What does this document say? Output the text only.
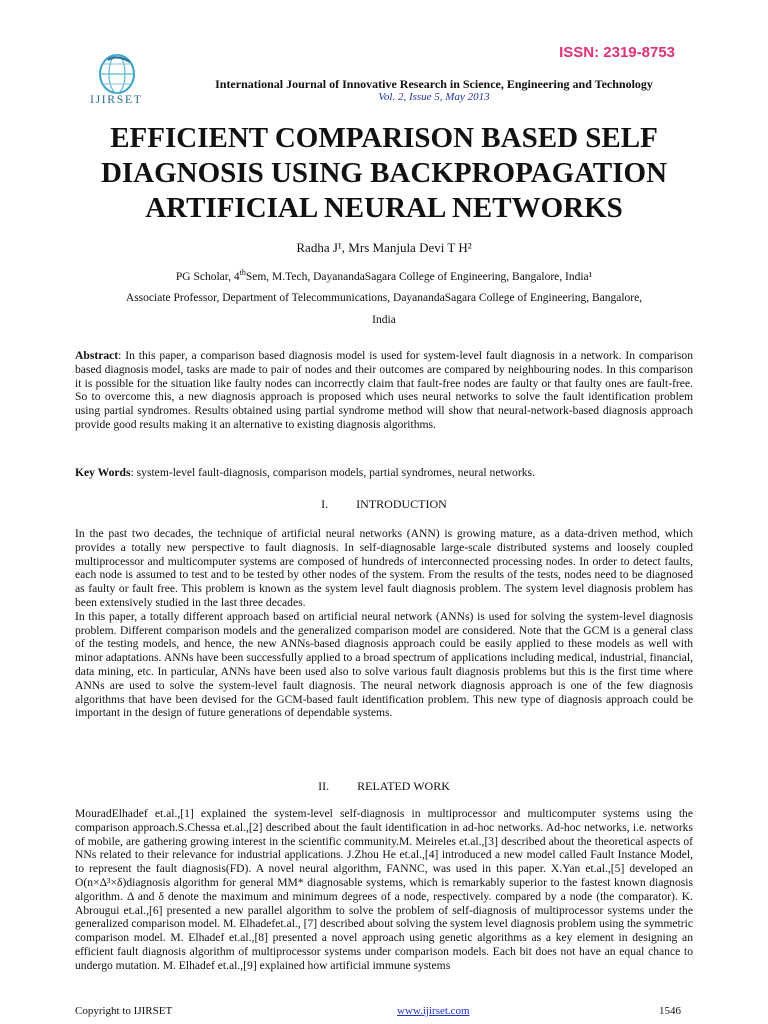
ISSN: 2319-8753
IJIRSET
International Journal of Innovative Research in Science, Engineering and Technology
Vol. 2, Issue 5, May 2013
EFFICIENT COMPARISON BASED SELF DIAGNOSIS USING BACKPROPAGATION ARTIFICIAL NEURAL NETWORKS
Radha J¹, Mrs Manjula Devi T H²
PG Scholar, 4thSem, M.Tech, DayanandaSagara College of Engineering, Bangalore, India¹
Associate Professor, Department of Telecommunications, DayanandaSagara College of Engineering, Bangalore,
India
Abstract: In this paper, a comparison based diagnosis model is used for system-level fault diagnosis in a network. In comparison based diagnosis model, tasks are made to pair of nodes and their outcomes are compared by neighbouring nodes. In this comparison it is possible for the situation like faulty nodes can incorrectly claim that fault-free nodes are faulty or that faulty ones are fault-free. So to overcome this, a new diagnosis approach is proposed which uses neural networks to solve the fault identification problem using partial syndromes. Results obtained using partial syndrome method will show that neural-network-based diagnosis approach provide good results making it an alternative to existing diagnosis algorithms.
Key Words: system-level fault-diagnosis, comparison models, partial syndromes, neural networks.
I. INTRODUCTION
In the past two decades, the technique of artificial neural networks (ANN) is growing mature, as a data-driven method, which provides a totally new perspective to fault diagnosis. In self-diagnosable large-scale distributed systems and loosely coupled multiprocessor and multicomputer systems are composed of hundreds of interconnected processing nodes. In order to detect faults, each node is assumed to test and to be tested by other nodes of the system. From the results of the tests, nodes need to be diagnosed as faulty or fault free. This problem is known as the system level fault diagnosis problem. The system level diagnosis problem has been extensively studied in the last three decades.
In this paper, a totally different approach based on artificial neural network (ANNs) is used for solving the system-level diagnosis problem. Different comparison models and the generalized comparison model are considered. Note that the GCM is a general class of the testing models, and hence, the new ANNs-based diagnosis approach could be easily applied to these models as well with minor adaptations. ANNs have been successfully applied to a broad spectrum of applications including medical, industrial, financial, data mining, etc. In particular, ANNs have been used also to solve various fault diagnosis problems but this is the first time where ANNs are used to solve the system-level fault diagnosis. The neural network diagnosis approach is one of the few diagnosis algorithms that have been devised for the GCM-based fault identification problem. This new type of diagnosis approach could be important in the design of future generations of dependable systems.
II. RELATED WORK
MouradElhadef et.al.,[1] explained the system-level self-diagnosis in multiprocessor and multicomputer systems using the comparison approach.S.Chessa et.al.,[2] described about the fault identification in ad-hoc networks. Ad-hoc networks, i.e. networks of mobile, are gathering growing interest in the scientific community.M. Meireles et.al.,[3] described about the theoretical aspects of NNs related to their relevance for industrial applications. J.Zhou He et.al.,[4] introduced a new model called Fault Instance Model, to represent the fault diagnosis(FD). A novel neural algorithm, FANNC, was used in this paper. X.Yan et.al.,[5] developed an O(n×Δ³×δ)diagnosis algorithm for general MM* diagnosable systems, which is remarkably superior to the fastest known diagnosis algorithm. Δ and δ denote the maximum and minimum degrees of a node, respectively. compared by a node (the comparator). K. Abrougui et.al.,[6] presented a new parallel algorithm to solve the problem of self-diagnosis of multiprocessor systems under the generalized comparison model. M. Elhadefet.al., [7] described about solving the system level diagnosis problem using the symmetric comparison model. M. Elhadef et.al.,[8] presented a novel approach using genetic algorithms as a key element in designing an efficient fault diagnosis algorithm of multiprocessor systems under comparison models. Each bit does not have an equal chance to undergo mutation. M. Elhadef et.al.,[9] explained how artificial immune systems
Copyright to IJIRSET	www.ijirset.com	1546
